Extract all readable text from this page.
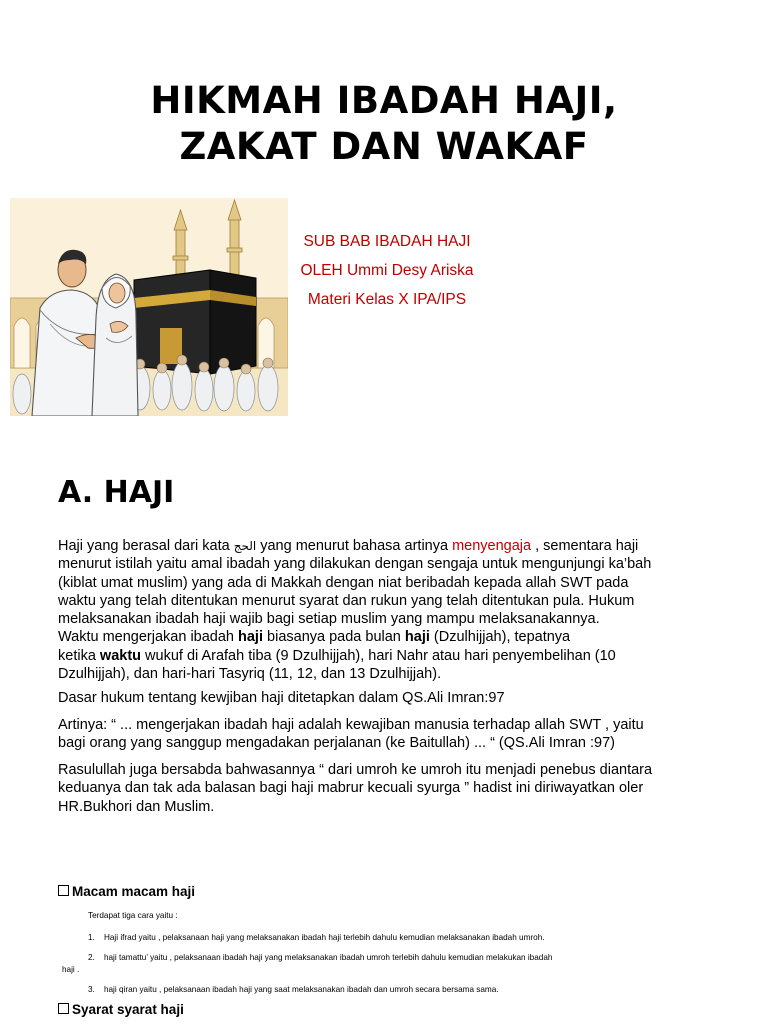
HIKMAH IBADAH HAJI,
ZAKAT DAN WAKAF
SUB BAB IBADAH HAJI
OLEH Ummi Desy Ariska
Materi Kelas X IPA/IPS
A. HAJI
Haji yang berasal dari kata الحج yang menurut bahasa artinya menyengaja , sementara haji
menurut istilah yaitu amal ibadah yang dilakukan dengan sengaja untuk mengunjungi ka’bah
(kiblat umat muslim) yang ada di Makkah dengan niat beribadah kepada allah SWT pada
waktu yang telah ditentukan menurut syarat dan rukun yang telah ditentukan pula. Hukum
melaksanakan ibadah haji wajib bagi setiap muslim yang mampu melaksanakannya.
Waktu mengerjakan ibadah haji biasanya pada bulan haji (Dzulhijjah), tepatnya
ketika waktu wukuf di Arafah tiba (9 Dzulhijjah), hari Nahr atau hari penyembelihan (10
Dzulhijjah), dan hari-hari Tasyriq (11, 12, dan 13 Dzulhijjah).
Dasar hukum tentang kewjiban haji ditetapkan dalam QS.Ali Imran:97
Artinya: “ ... mengerjakan ibadah haji adalah kewajiban manusia terhadap allah SWT , yaitu
bagi orang yang sanggup mengadakan perjalanan (ke Baitullah) ... “ (QS.Ali Imran :97)
Rasulullah juga bersabda bahwasannya “ dari umroh ke umroh itu menjadi penebus diantara
keduanya dan tak ada balasan bagi haji mabrur kecuali syurga ” hadist ini diriwayatkan oler
HR.Bukhori dan Muslim.
Macam macam haji
Terdapat tiga cara yaitu :
1. Haji ifrad yaitu , pelaksanaan haji yang melaksanakan ibadah haji terlebih dahulu kemudian melaksanakan ibadah umroh.
2. haji tamattu’ yaitu , pelaksanaan ibadah haji yang melaksanakan ibadah umroh terlebih dahulu kemudian melakukan ibadah
haji .
3. haji qiran yaitu , pelaksanaan ibadah haji yang saat melaksanakan ibadah dan umroh secara bersama sama.
Syarat syarat haji
